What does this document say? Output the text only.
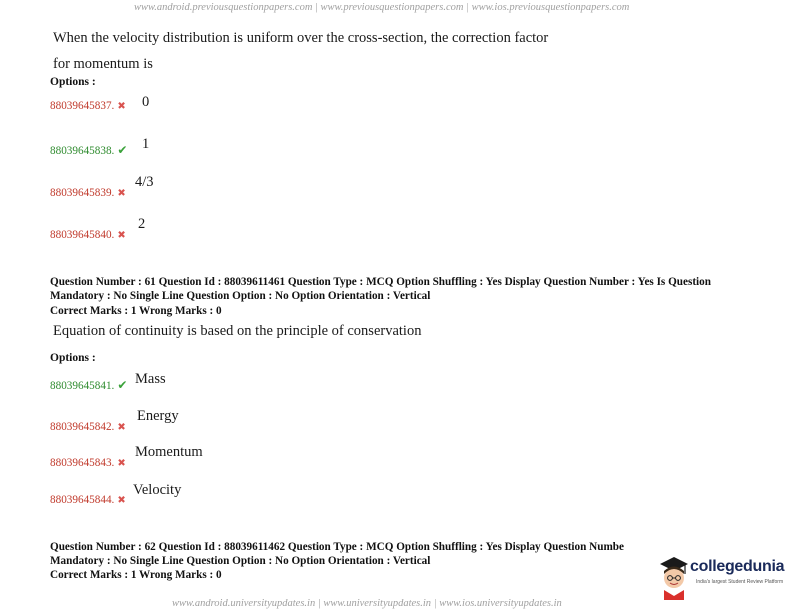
www.android.previousquestionpapers.com | www.previousquestionpapers.com | www.ios.previousquestionpapers.com
When the velocity distribution is uniform over the cross-section, the correction factor
for momentum is
Options :
88039645837. ✖ 0
88039645838. ✔ 1
88039645839. ✖
4/3
88039645840. ✖
2
Question Number : 61 Question Id : 88039611461 Question Type : MCQ Option Shuffling : Yes Display Question Number : Yes Is Question
Mandatory : No Single Line Question Option : No Option Orientation : Vertical
Correct Marks : 1 Wrong Marks : 0
Equation of continuity is based on the principle of conservation
Options :
88039645841. ✔ Mass
88039645842. ✖
Energy
88039645843. ✖
Momentum
88039645844. ✖
Velocity
Question Number : 62 Question Id : 88039611462 Question Type : MCQ Option Shuffling : Yes Display Question Numbe
Mandatory : No Single Line Question Option : No Option Orientation : Vertical
Correct Marks : 1 Wrong Marks : 0	collegedunia
India's largest Student Review Platform
www.android.universityupdates.in | www.universityupdates.in | www.ios.universityupdates.in
